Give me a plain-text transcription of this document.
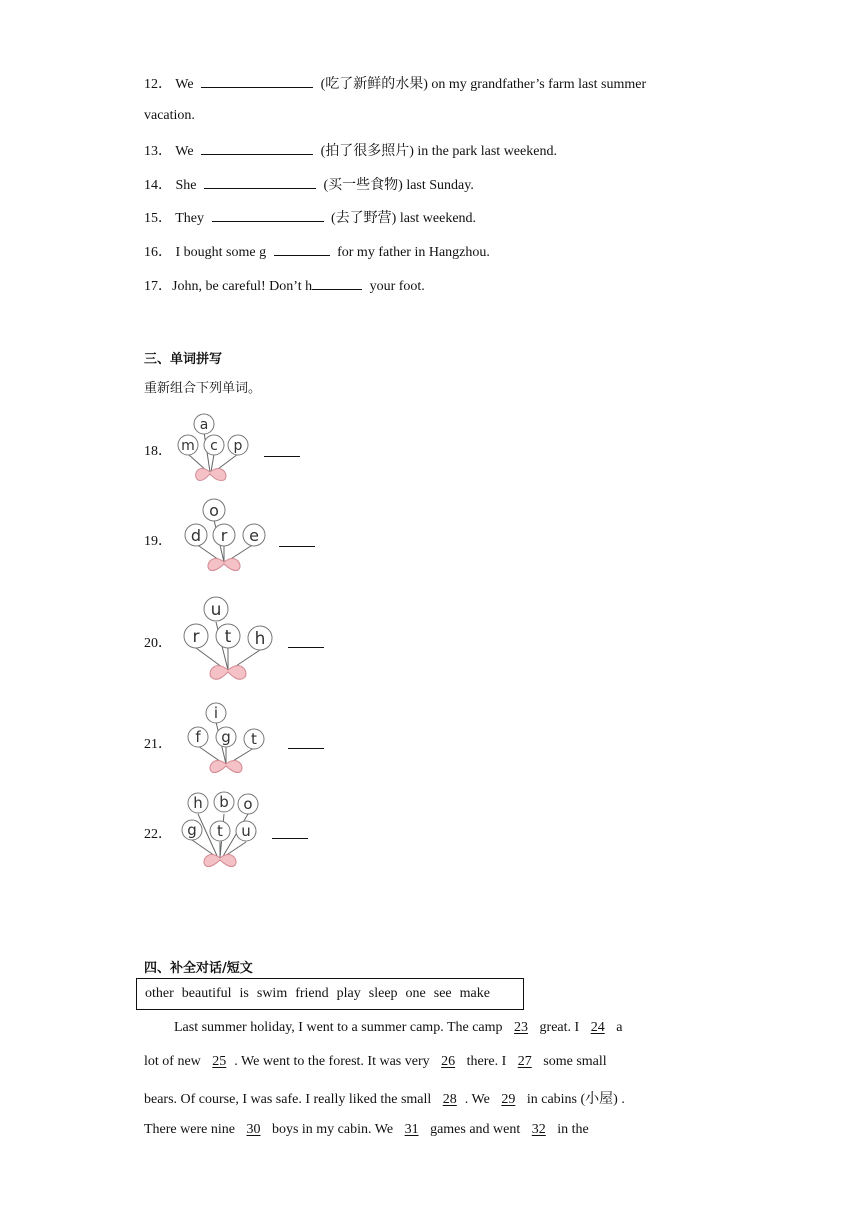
12． We	(吃了新鲜的水果) on my grandfather’s farm last summer
vacation.
13． We	(拍了很多照片) in the park last weekend.
14． She	(买一些食物) last Sunday.
15． They	(去了野营) last weekend.
16． I bought some g	for my father in Hangzhou.
17．John, be careful! Don’t h	your foot.
三、单词拼写
重新组合下列单词。
18．
a
m c p
19．
o
d r e
20．
u
r t h
21．
i
f g t
22．
h b o
g t u
四、补全对话/短文
other beautiful is swim friend play sleep one see make
Last summer holiday, I went to a summer camp. The camp 23 great. I 24 a
lot of new 25 . We went to the forest. It was very 26 there. I 27 some small
bears. Of course, I was safe. I really liked the small 28 . We 29 in cabins (小屋) .
There were nine 30 boys in my cabin. We 31 games and went 32 in the
